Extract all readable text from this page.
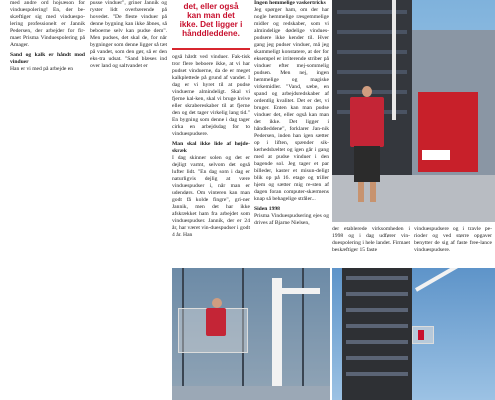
med andre ord hojsæson for vinduespolering! En, der be-skæftiger sig med vinduespo-lering professionelt er Jannik Pedersen, der arbejder for fir-maet Prisma Vinduespolering på Amager.

Sand og kalk er håndt mod vinduer

Han er vi med på arbejde en

pusse vinduer", griner Jannik og ryster lidt overbærende på hovedet. "De fleste vinduer på denne bygning kan ikke åbnes, så beboerne selv kan pudse dem". Men pudses, det skal de, for når bygninger som denne ligger så tæt på vandet, som den gør, så er den eks-tra udsat. "Sand blæses ind over land og saltvandet er

det, eller også
kan man det
ikke. Det ligger i
hånddleddene.

også hårdt ved vinduer. Fak-tisk tror flere beboere ikke, at vi har pudset vinduerne, da de er meget kalkplettede på grund af vandet. I dag er vi hyret til at pudse vinduerne almindeligt. Skal vi fjerne kal-ken, skal vi bruge kvive eller skrabereskaber til at fjerne den og det tager virkelig lang tid." En bygning som denne i dag tager cirka en arbejdsdag for to vinduespudsere.

Man skal ikke lide af højde-skræk

I dag skinner solen og det er dejligt varmt, selvom det også lufter lidt. "En dag som i dag er naturligvis dejlig at være vinduespudser i, når man er udendørs. Om vinteren kan man godt få kolde fingre", gri-ner Jannik, men det har ikke afskrækket ham fra arbejdet som vinduespudser. Jannik, der er 24 år, har været vin-duespudser i godt 4 år. Han

Ingen hemmelige vaskertricks

Jeg spørger ham, om der har nogle hemmelige ræsgemmelige midler og redskaber, som vi almindelige dødelige vindues-pudsere ikke kender til. Hver gang jeg pudser vinduer, må jeg skammeligt konstatere, at der for eksempel er irriterende striber på vinduer efter mej-sommelig pudsen. Men nej, ingen hemmelige og magiske virkemidler. "Vand, sæbe, en spand og arbejdsredskaber af ordentlig kvalitet. Det er det, vi bruger. Enten kan man pudse vinduer det, eller også kan man det ikke. Det ligger i håndleddene", forklarer Jan-nik Pedersen, inden han igen sætter op i liften, spænder sik-kerhedsbæltet og igen går i gang med at pudse vinduer i den bagende sol. Jeg tager et par billeder, kaster et misun-deligt blik op på 16. etage og triller hjem og sætter mig re-sten af dagen foran computer-skærmens knap så behagelige stråler...

Siden 1998

Prisma Vinduespudsering ejes og drives af Bjarne Nielsen,

der etablerede virksomheden i 1998 og i dag udfører vin-duespolering i hele landet. Firmaet beskæftiger 15 faste

vinduespudsere og i travle pe-rioder og ved større opgaver benytter de sig af faste free-lance vinduespudsere.
